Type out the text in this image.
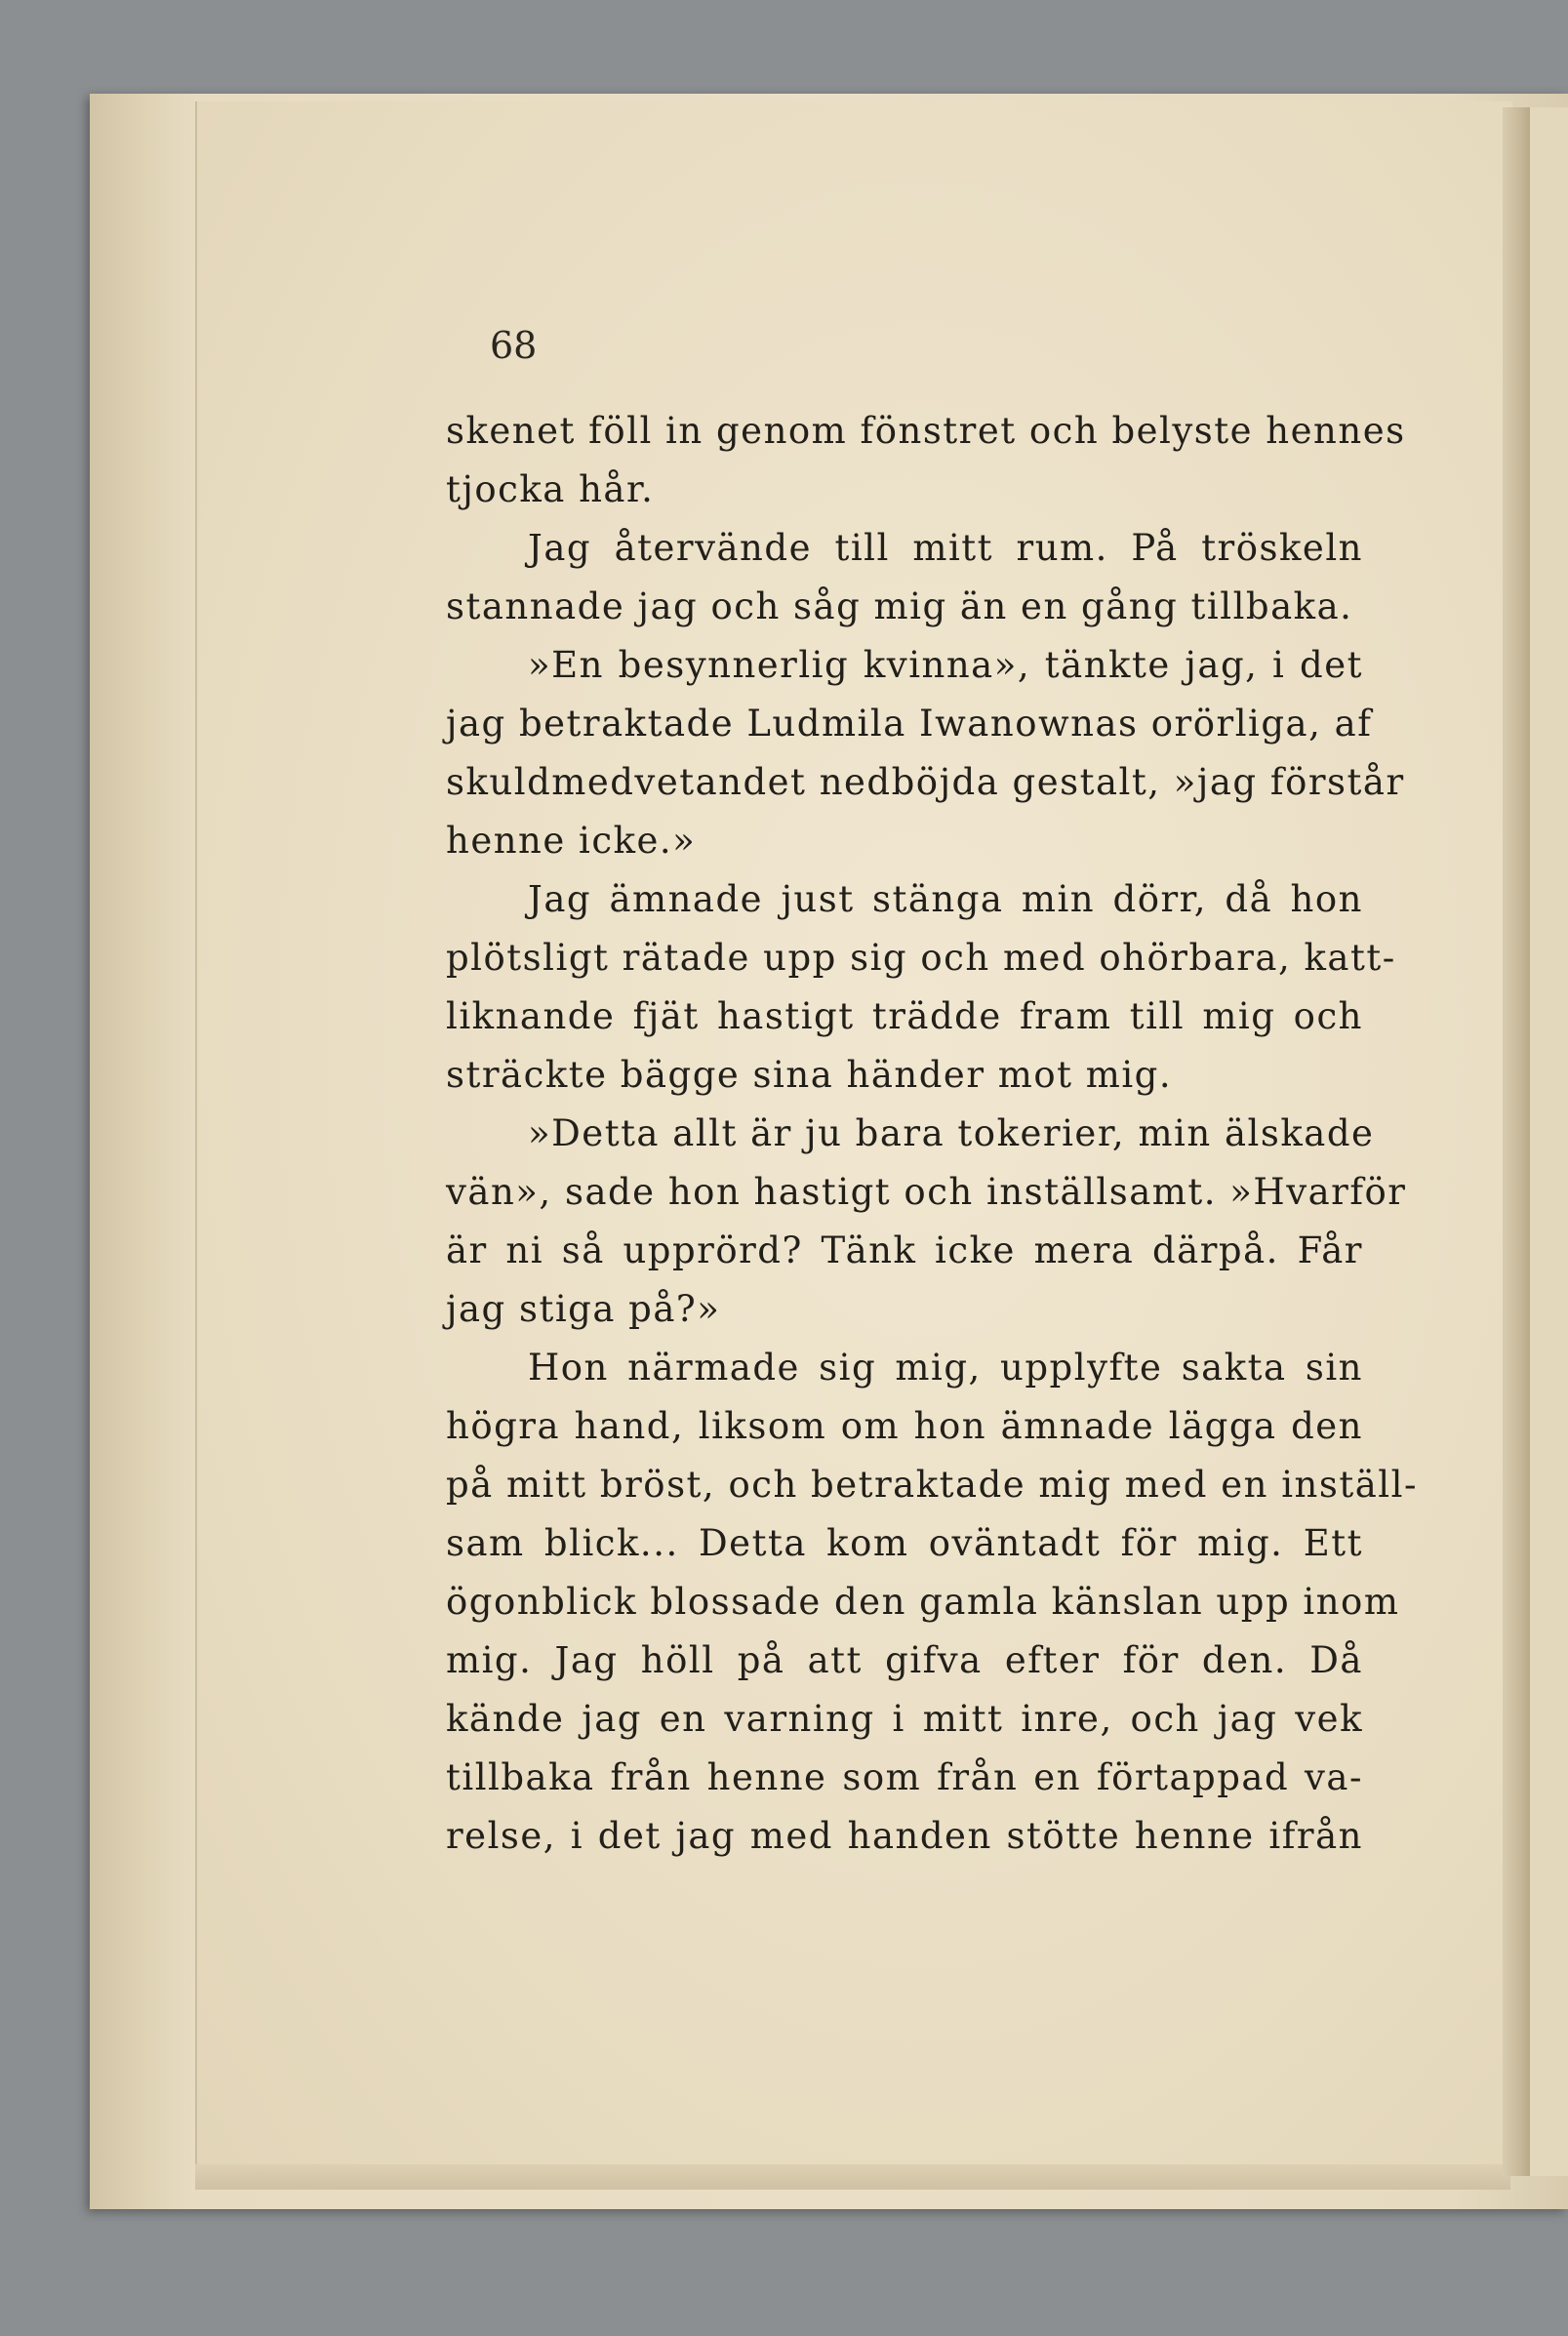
68

skenet föll in genom fönstret och belyste hennes
tjocka hår.
Jag återvände till mitt rum. På tröskeln
stannade jag och såg mig än en gång tillbaka.
»En besynnerlig kvinna», tänkte jag, i det
jag betraktade Ludmila Iwanownas orörliga, af
skuldmedvetandet nedböjda gestalt, »jag förstår
henne icke.»
Jag ämnade just stänga min dörr, då hon
plötsligt rätade upp sig och med ohörbara, katt-
liknande fjät hastigt trädde fram till mig och
sträckte bägge sina händer mot mig.
»Detta allt är ju bara tokerier, min älskade
vän», sade hon hastigt och inställsamt. »Hvarför
är ni så upprörd? Tänk icke mera därpå. Får
jag stiga på?»
Hon närmade sig mig, upplyfte sakta sin
högra hand, liksom om hon ämnade lägga den
på mitt bröst, och betraktade mig med en inställ-
sam blick... Detta kom oväntadt för mig. Ett
ögonblick blossade den gamla känslan upp inom
mig. Jag höll på att gifva efter för den. Då
kände jag en varning i mitt inre, och jag vek
tillbaka från henne som från en förtappad va-
relse, i det jag med handen stötte henne ifrån
